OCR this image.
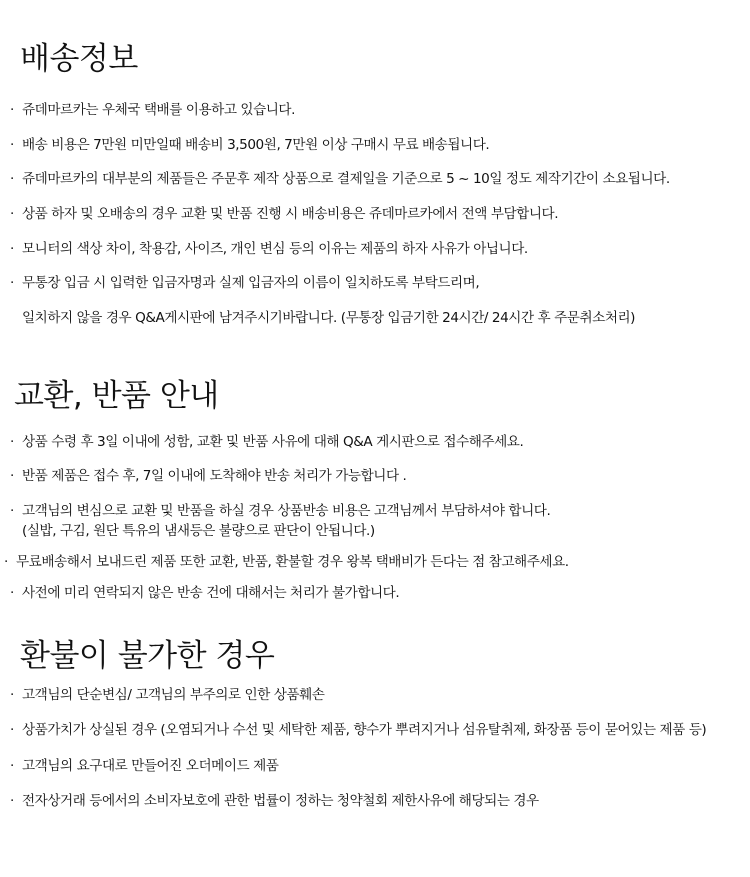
배송정보
· 쥬데마르카는 우체국 택배를 이용하고 있습니다.
· 배송 비용은 7만원 미만일때 배송비 3,500원, 7만원 이상 구매시 무료 배송됩니다.
· 쥬데마르카의 대부분의 제품들은 주문후 제작 상품으로 결제일을 기준으로 5 ~ 10일 정도 제작기간이 소요됩니다.
· 상품 하자 및 오배송의 경우 교환 및 반품 진행 시 배송비용은 쥬데마르카에서 전액 부담합니다.
· 모니터의 색상 차이, 착용감, 사이즈, 개인 변심 등의 이유는 제품의 하자 사유가 아닙니다.
· 무통장 입금 시 입력한 입금자명과 실제 입금자의 이름이 일치하도록 부탁드리며,
일치하지 않을 경우 Q&A게시판에 남겨주시기바랍니다. (무통장 입금기한 24시간/ 24시간 후 주문취소처리)
교환, 반품 안내
· 상품 수령 후 3일 이내에 성함, 교환 및 반품 사유에 대해 Q&A 게시판으로 접수해주세요.
· 반품 제품은 접수 후, 7일 이내에 도착해야 반송 처리가 가능합니다 .
· 고객님의 변심으로 교환 및 반품을 하실 경우 상품반송 비용은 고객님께서 부담하셔야 합니다.
(실밥, 구김, 원단 특유의 냄새등은 불량으로 판단이 안됩니다.)
· 무료배송해서 보내드린 제품 또한 교환, 반품, 환불할 경우 왕복 택배비가 든다는 점 참고해주세요.
· 사전에 미리 연락되지 않은 반송 건에 대해서는 처리가 불가합니다.
환불이 불가한 경우
· 고객님의 단순변심/ 고객님의 부주의로 인한 상품훼손
· 상품가치가 상실된 경우 (오염되거나 수선 및 세탁한 제품, 향수가 뿌려지거나 섬유탈취제, 화장품 등이 묻어있는 제품 등)
· 고객님의 요구대로 만들어진 오더메이드 제품
· 전자상거래 등에서의 소비자보호에 관한 법률이 정하는 청약철회 제한사유에 해당되는 경우
